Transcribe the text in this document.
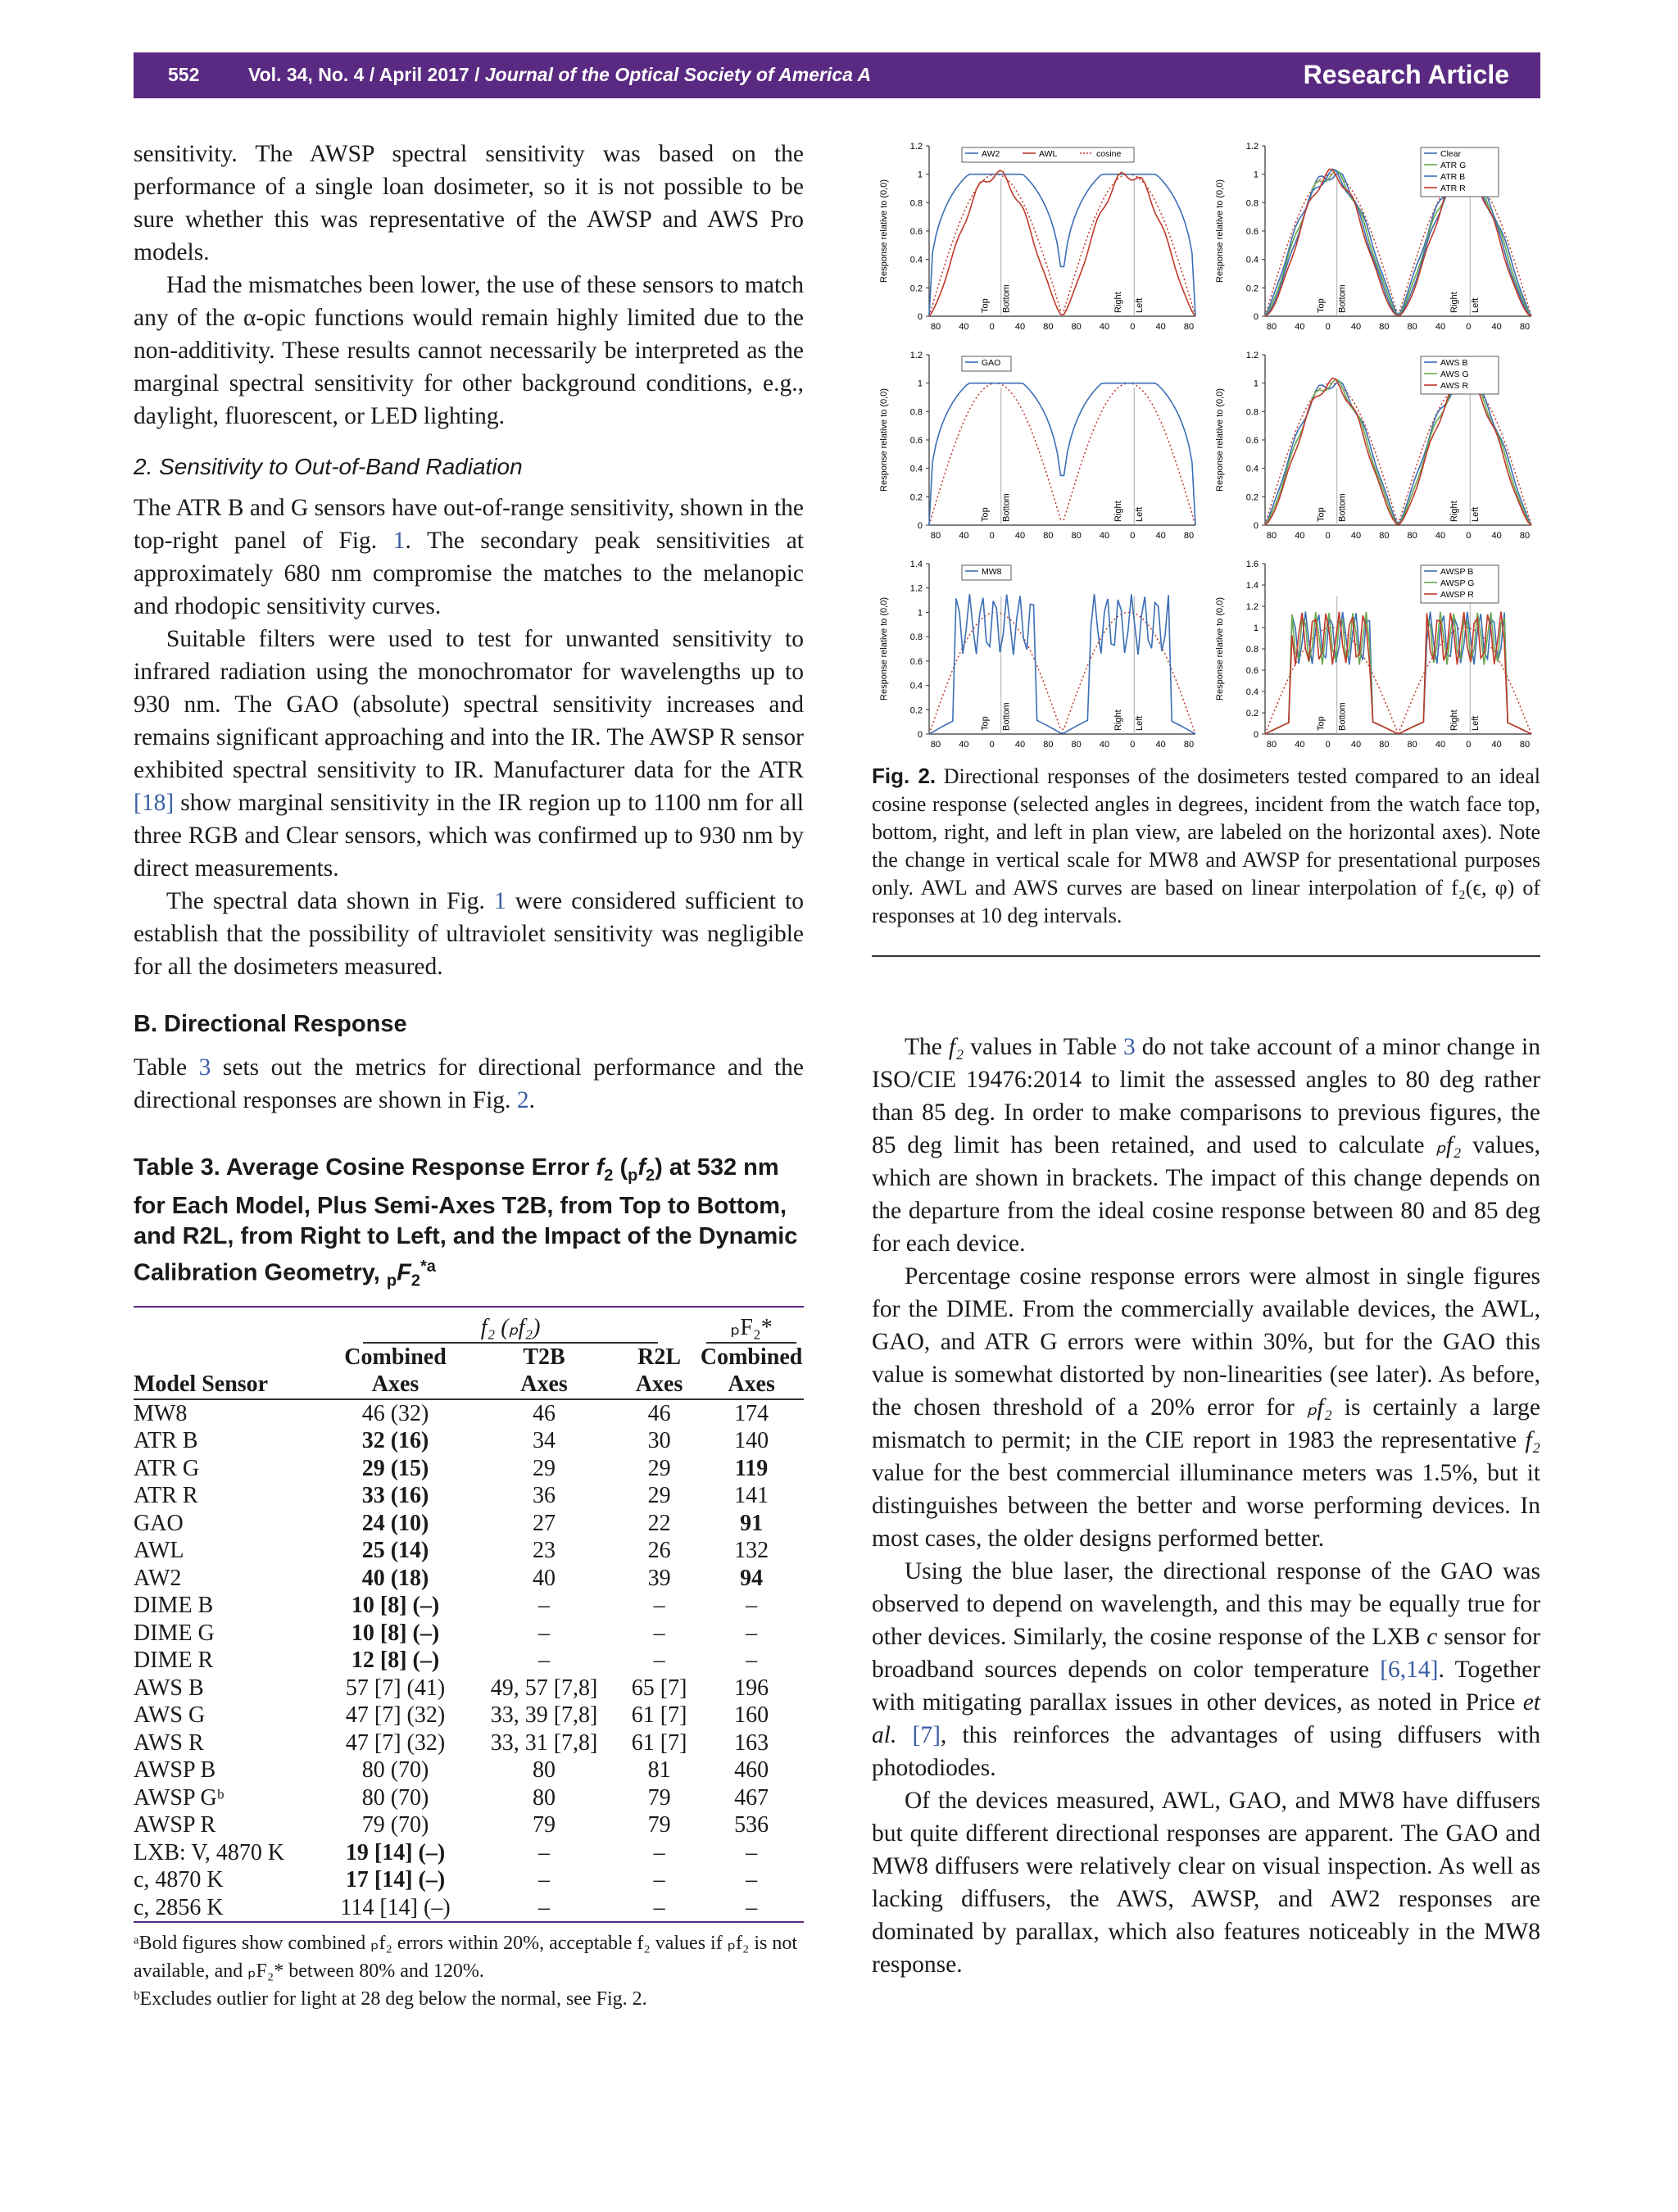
552	Vol. 34, No. 4 / April 2017 / Journal of the Optical Society of America A	Research Article

sensitivity. The AWSP spectral sensitivity was based on the performance of a single loan dosimeter, so it is not possible to be sure whether this was representative of the AWSP and AWS Pro models.

Had the mismatches been lower, the use of these sensors to match any of the α-opic functions would remain highly limited due to the non-additivity. These results cannot necessarily be interpreted as the marginal spectral sensitivity for other background conditions, e.g., daylight, fluorescent, or LED lighting.

2. Sensitivity to Out-of-Band Radiation

The ATR B and G sensors have out-of-range sensitivity, shown in the top-right panel of Fig. 1. The secondary peak sensitivities at approximately 680 nm compromise the matches to the melanopic and rhodopic sensitivity curves.

Suitable filters were used to test for unwanted sensitivity to infrared radiation using the monochromator for wavelengths up to 930 nm. The GAO (absolute) spectral sensitivity increases and remains significant approaching and into the IR. The AWSP R sensor exhibited spectral sensitivity to IR. Manufacturer data for the ATR [18] show marginal sensitivity in the IR region up to 1100 nm for all three RGB and Clear sensors, which was confirmed up to 930 nm by direct measurements.

The spectral data shown in Fig. 1 were considered sufficient to establish that the possibility of ultraviolet sensitivity was negligible for all the dosimeters measured.

B. Directional Response

Table 3 sets out the metrics for directional performance and the directional responses are shown in Fig. 2.

Table 3. Average Cosine Response Error $f_2$ $(_pf_2)$ at 532 nm for Each Model, Plus Semi-Axes T2B, from Top to Bottom, and R2L, from Right to Left, and the Impact of the Dynamic Calibration Geometry, $_pF_2^{*a}$
	f₂ (ₚf₂)			ₚF₂*
	Combined	T2B	R2L	Combined
Model Sensor	Axes	Axes	Axes	Axes
MW8	46 (32)	46	46	174
ATR B	32 (16)	34	30	140
ATR G	29 (15)	29	29	119
ATR R	33 (16)	36	29	141
GAO	24 (10)	27	22	91
AWL	25 (14)	23	26	132
AW2	40 (18)	40	39	94
DIME B	10 [8] (–)	–	–	–
DIME G	10 [8] (–)	–	–	–
DIME R	12 [8] (–)	–	–	–
AWS B	57 [7] (41)	49, 57 [7,8]	65 [7]	196
AWS G	47 [7] (32)	33, 39 [7,8]	61 [7]	160
AWS R	47 [7] (32)	33, 31 [7,8]	61 [7]	163
AWSP B	80 (70)	80	81	460
AWSP Gᵇ	80 (70)	80	79	467
AWSP R	79 (70)	79	79	536
LXB: V, 4870 K	19 [14] (–)	–	–	–
c, 4870 K	17 [14] (–)	–	–	–
c, 2856 K	114 [14] (–)	–	–	–
ᵃBold figures show combined ₚf₂ errors within 20%, acceptable f₂ values if ₚf₂ is not available, and ₚF₂* between 80% and 120%.
ᵇExcludes outlier for light at 28 deg below the normal, see Fig. 2.
0
0.2
0.4
0.6
0.8
1
1.2
80 40 0 40 80 80 40 0 40 80
Response relative to (0,0)
Top Bottom	Right Left
AW2	AWL	cosine
0
0.2
0.4
0.6
0.8
1
1.2
80 40 0 40 80 80 40 0 40 80
Response relative to (0,0)
Top Bottom	Right Left
Clear
ATR G
ATR B
ATR R
0
0.2
0.4
0.6
0.8
1
1.2
80 40 0 40 80 80 40 0 40 80
Response relative to (0,0)
Top Bottom	Right Left
GAO
0
0.2
0.4
0.6
0.8
1
1.2
80 40 0 40 80 80 40 0 40 80
Response relative to (0,0)
Top Bottom	Right Left
AWS B
AWS G
AWS R
0
0.2
0.4
0.6
0.8
1
1.2
1.4
80 40 0 40 80 80 40 0 40 80
Response relative to (0,0)
Top Bottom	Right Left
MW8
0
0.2
0.4
0.6
0.8
1
1.2
1.4
1.6
80 40 0 40 80 80 40 0 40 80
Response relative to (0,0)
Top Bottom	Right Left
AWSP B
AWSP G
AWSP R
Fig. 2. Directional responses of the dosimeters tested compared to an ideal cosine response (selected angles in degrees, incident from the watch face top, bottom, right, and left in plan view, are labeled on the horizontal axes). Note the change in vertical scale for MW8 and AWSP for presentational purposes only. AWL and AWS curves are based on linear interpolation of f₂(ϵ, φ) of responses at 10 deg intervals.

The f₂ values in Table 3 do not take account of a minor change in ISO/CIE 19476:2014 to limit the assessed angles to 80 deg rather than 85 deg. In order to make comparisons to previous figures, the 85 deg limit has been retained, and used to calculate ₚf₂ values, which are shown in brackets. The impact of this change depends on the departure from the ideal cosine response between 80 and 85 deg for each device.

Percentage cosine response errors were almost in single figures for the DIME. From the commercially available devices, the AWL, GAO, and ATR G errors were within 30%, but for the GAO this value is somewhat distorted by non-linearities (see later). As before, the chosen threshold of a 20% error for ₚf₂ is certainly a large mismatch to permit; in the CIE report in 1983 the representative f₂ value for the best commercial illuminance meters was 1.5%, but it distinguishes between the better and worse performing devices. In most cases, the older designs performed better.

Using the blue laser, the directional response of the GAO was observed to depend on wavelength, and this may be equally true for other devices. Similarly, the cosine response of the LXB c sensor for broadband sources depends on color temperature [6,14]. Together with mitigating parallax issues in other devices, as noted in Price et al. [7], this reinforces the advantages of using diffusers with photodiodes.

Of the devices measured, AWL, GAO, and MW8 have diffusers but quite different directional responses are apparent. The GAO and MW8 diffusers were relatively clear on visual inspection. As well as lacking diffusers, the AWS, AWSP, and AW2 responses are dominated by parallax, which also features noticeably in the MW8 response.
